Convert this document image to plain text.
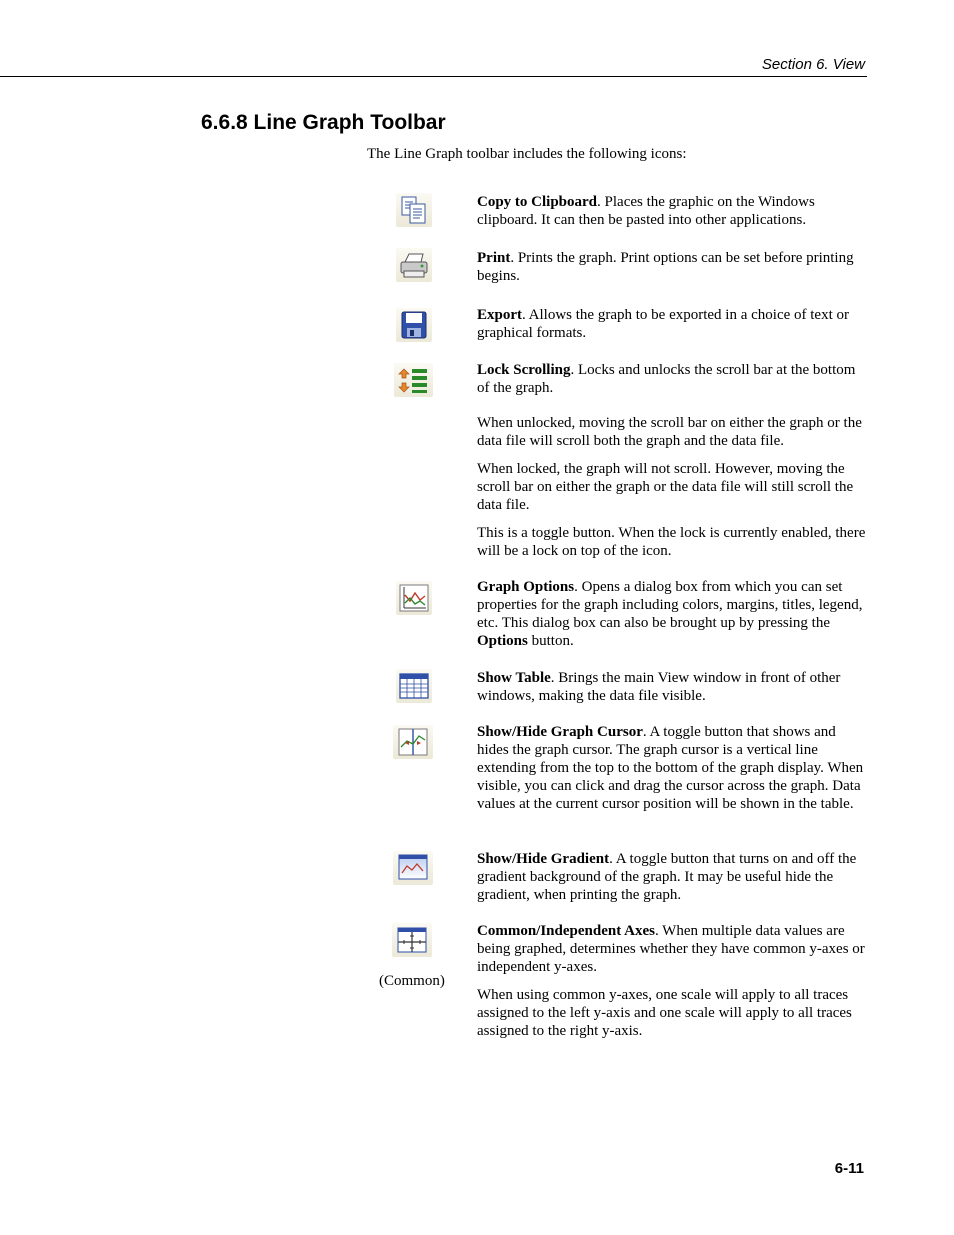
Section 6. View
6.6.8 Line Graph Toolbar

The Line Graph toolbar includes the following icons:

Copy to Clipboard. Places the graphic on the Windows clipboard. It can then be pasted into other applications.

Print. Prints the graph. Print options can be set before printing begins.

Export. Allows the graph to be exported in a choice of text or graphical formats.

Lock Scrolling. Locks and unlocks the scroll bar at the bottom of the graph.

When unlocked, moving the scroll bar on either the graph or the data file will scroll both the graph and the data file.

When locked, the graph will not scroll. However, moving the scroll bar on either the graph or the data file will still scroll the data file.

This is a toggle button. When the lock is currently enabled, there will be a lock on top of the icon.

Graph Options. Opens a dialog box from which you can set properties for the graph including colors, margins, titles, legend, etc. This dialog box can also be brought up by pressing the Options button.

Show Table. Brings the main View window in front of other windows, making the data file visible.

Show/Hide Graph Cursor. A toggle button that shows and hides the graph cursor. The graph cursor is a vertical line extending from the top to the bottom of the graph display. When visible, you can click and drag the cursor across the graph. Data values at the current cursor position will be shown in the table.

Show/Hide Gradient. A toggle button that turns on and off the gradient background of the graph. It may be useful hide the gradient, when printing the graph.

(Common)

Common/Independent Axes. When multiple data values are being graphed, determines whether they have common y-axes or independent y-axes.

When using common y-axes, one scale will apply to all traces assigned to the left y-axis and one scale will apply to all traces assigned to the right y-axis.

6-11
